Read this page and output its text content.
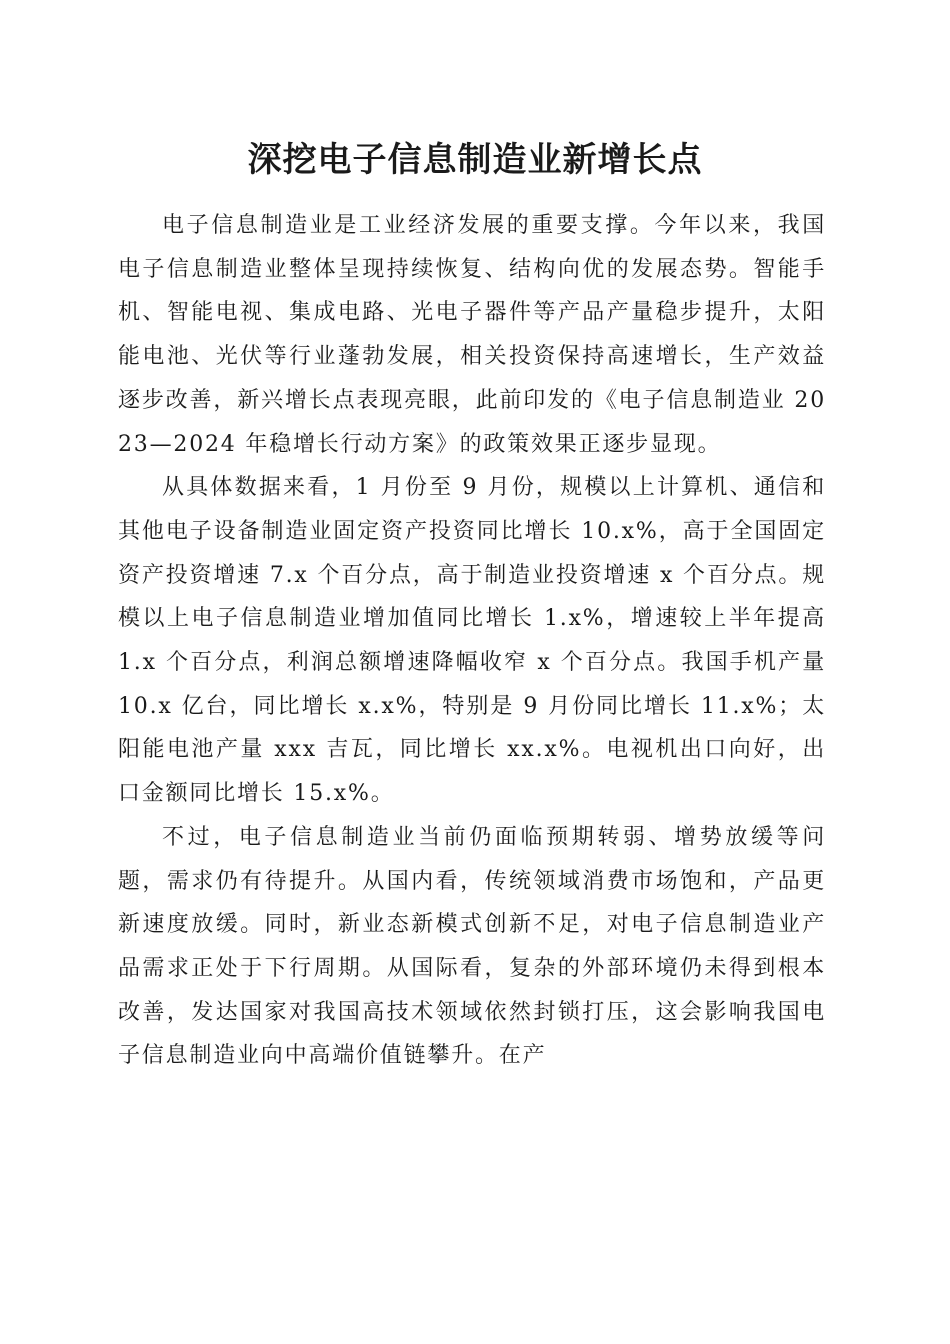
深挖电子信息制造业新增长点

电子信息制造业是工业经济发展的重要支撑。今年以来，我国电子信息制造业整体呈现持续恢复、结构向优的发展态势。智能手机、智能电视、集成电路、光电子器件等产品产量稳步提升，太阳能电池、光伏等行业蓬勃发展，相关投资保持高速增长，生产效益逐步改善，新兴增长点表现亮眼，此前印发的《电子信息制造业 2023—2024 年稳增长行动方案》的政策效果正逐步显现。

从具体数据来看，1 月份至 9 月份，规模以上计算机、通信和其他电子设备制造业固定资产投资同比增长 10.x%，高于全国固定资产投资增速 7.x 个百分点，高于制造业投资增速 x 个百分点。规模以上电子信息制造业增加值同比增长 1.x%，增速较上半年提高 1.x 个百分点，利润总额增速降幅收窄 x 个百分点。我国手机产量 10.x 亿台，同比增长 x.x%，特别是 9 月份同比增长 11.x%；太阳能电池产量 xxx 吉瓦，同比增长 xx.x%。电视机出口向好，出口金额同比增长 15.x%。

不过，电子信息制造业当前仍面临预期转弱、增势放缓等问题，需求仍有待提升。从国内看，传统领域消费市场饱和，产品更新速度放缓。同时，新业态新模式创新不足，对电子信息制造业产品需求正处于下行周期。从国际看，复杂的外部环境仍未得到根本改善，发达国家对我国高技术领域依然封锁打压，这会影响我国电子信息制造业向中高端价值链攀升。在产
